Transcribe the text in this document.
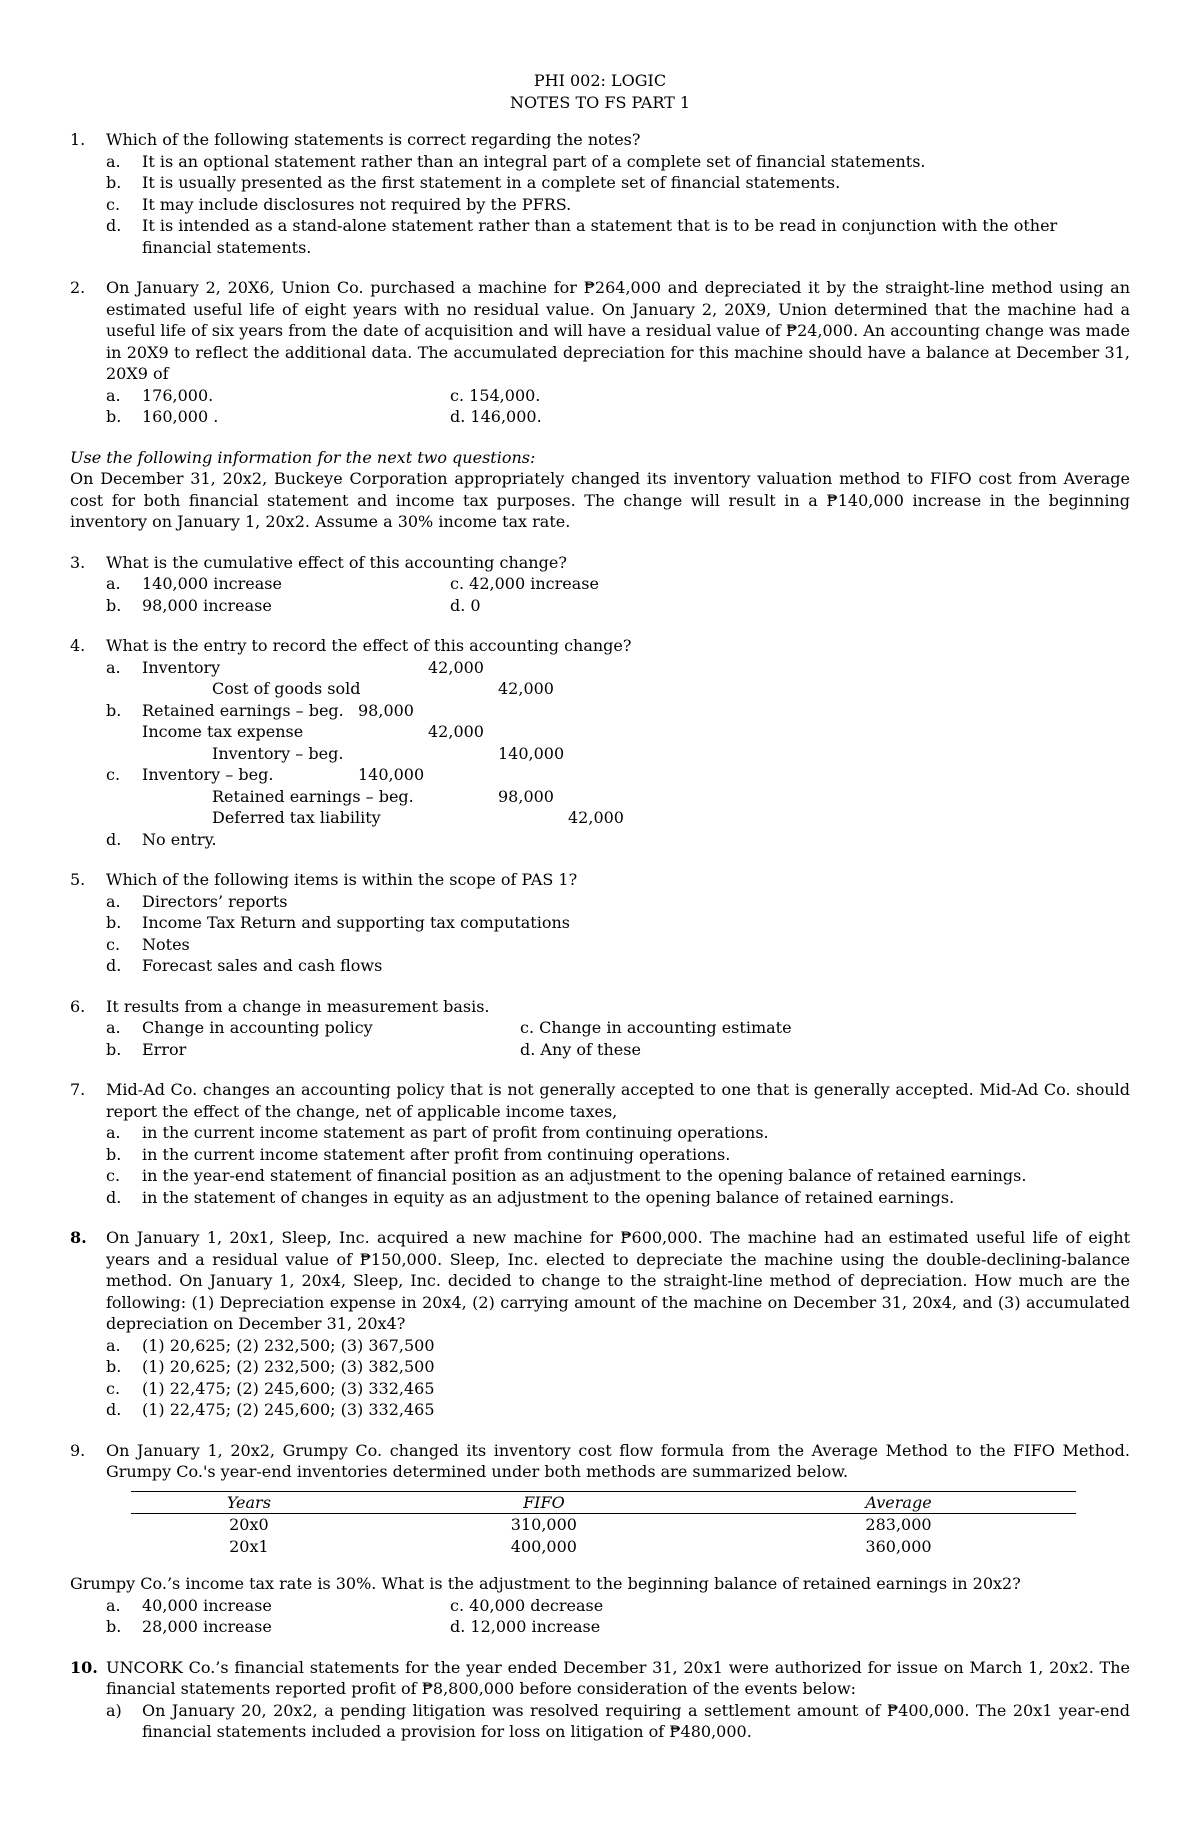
PHI 002: LOGIC
NOTES TO FS PART 1
1.	Which of the following statements is correct regarding the notes?
a.	It is an optional statement rather than an integral part of a complete set of financial statements.
b.	It is usually presented as the first statement in a complete set of financial statements.
c.	It may include disclosures not required by the PFRS.
d.	It is intended as a stand-alone statement rather than a statement that is to be read in conjunction with the other financial statements.
2.	On January 2, 20X6, Union Co. purchased a machine for ₱264,000 and depreciated it by the straight-line method using an estimated useful life of eight years with no residual value. On January 2, 20X9, Union determined that the machine had a useful life of six years from the date of acquisition and will have a residual value of ₱24,000. An accounting change was made in 20X9 to reflect the additional data. The accumulated depreciation for this machine should have a balance at December 31, 20X9 of
a.	176,000.	c. 154,000.
b.	160,000 .	d. 146,000.
Use the following information for the next two questions:
On December 31, 20x2, Buckeye Corporation appropriately changed its inventory valuation method to FIFO cost from Average cost for both financial statement and income tax purposes. The change will result in a ₱140,000 increase in the beginning inventory on January 1, 20x2. Assume a 30% income tax rate.
3.	What is the cumulative effect of this accounting change?
a.	140,000 increase	c. 42,000 increase
b.	98,000 increase	d. 0
4.	What is the entry to record the effect of this accounting change?
a.	Inventory	42,000
Cost of goods sold	42,000
b.	Retained earnings – beg. 98,000
Income tax expense	42,000
Inventory – beg.	140,000
c.	Inventory – beg.	140,000
Retained earnings – beg.	98,000
Deferred tax liability	42,000
d.	No entry.
5.	Which of the following items is within the scope of PAS 1?
a.	Directors’ reports
b.	Income Tax Return and supporting tax computations
c.	Notes
d.	Forecast sales and cash flows
6.	It results from a change in measurement basis.
a.	Change in accounting policy	c. Change in accounting estimate
b.	Error	d. Any of these
7.	Mid-Ad Co. changes an accounting policy that is not generally accepted to one that is generally accepted. Mid-Ad Co. should report the effect of the change, net of applicable income taxes,
a.	in the current income statement as part of profit from continuing operations.
b.	in the current income statement after profit from continuing operations.
c.	in the year-end statement of financial position as an adjustment to the opening balance of retained earnings.
d.	in the statement of changes in equity as an adjustment to the opening balance of retained earnings.
8.	On January 1, 20x1, Sleep, Inc. acquired a new machine for ₱600,000. The machine had an estimated useful life of eight years and a residual value of ₱150,000. Sleep, Inc. elected to depreciate the machine using the double-declining-balance method. On January 1, 20x4, Sleep, Inc. decided to change to the straight-line method of depreciation. How much are the following: (1) Depreciation expense in 20x4, (2) carrying amount of the machine on December 31, 20x4, and (3) accumulated depreciation on December 31, 20x4?
a.	(1) 20,625; (2) 232,500; (3) 367,500
b.	(1) 20,625; (2) 232,500; (3) 382,500
c.	(1) 22,475; (2) 245,600; (3) 332,465
d.	(1) 22,475; (2) 245,600; (3) 332,465
9.	On January 1, 20x2, Grumpy Co. changed its inventory cost flow formula from the Average Method to the FIFO Method. Grumpy Co.'s year-end inventories determined under both methods are summarized below.
Years	FIFO	Average
20x0	310,000	283,000
20x1	400,000	360,000
Grumpy Co.’s income tax rate is 30%. What is the adjustment to the beginning balance of retained earnings in 20x2?
a.	40,000 increase	c. 40,000 decrease
b.	28,000 increase	d. 12,000 increase
10. UNCORK Co.’s financial statements for the year ended December 31, 20x1 were authorized for issue on March 1, 20x2. The financial statements reported profit of ₱8,800,000 before consideration of the events below:
a)	On January 20, 20x2, a pending litigation was resolved requiring a settlement amount of ₱400,000. The 20x1 year-end financial statements included a provision for loss on litigation of ₱480,000.
